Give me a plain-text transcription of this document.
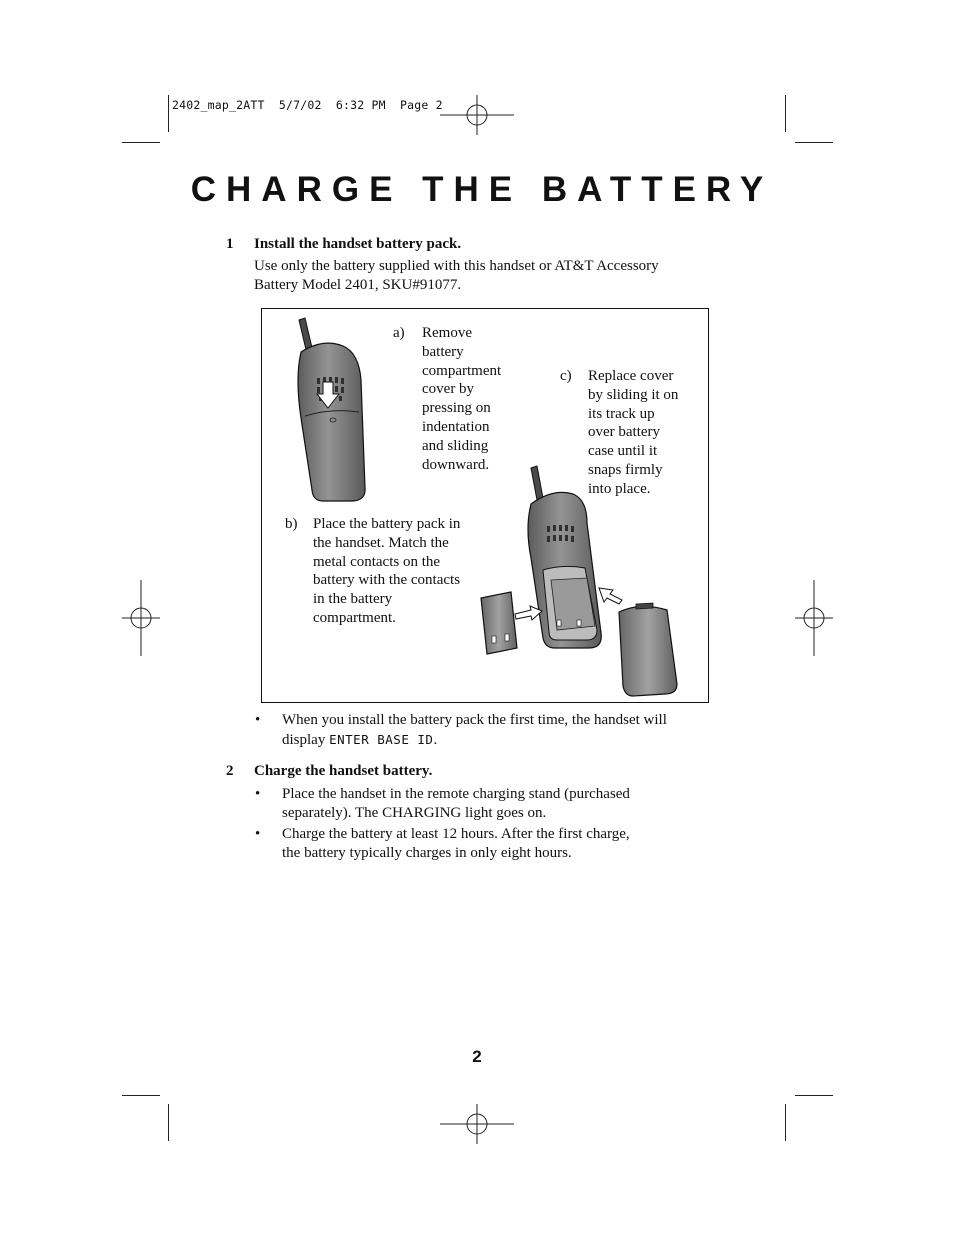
2402_map_2ATT  5/7/02  6:32 PM  Page 2
CHARGE THE BATTERY
1 Install the handset battery pack.
Use only the battery supplied with this handset or AT&T Accessory
Battery Model 2401, SKU#91077.
a) Remove
battery
compartment
cover by
pressing on
indentation
and sliding
downward.
c) Replace cover
by sliding it on
its track up
over battery
case until it
snaps firmly
into place.
b) Place the battery pack in
the handset. Match the
metal contacts on the
battery with the contacts
in the battery
compartment.
• When you install the battery pack the first time, the handset will
display ENTER BASE ID.
2 Charge the handset battery.
• Place the handset in the remote charging stand (purchased
separately). The CHARGING light goes on.
• Charge the battery at least 12 hours. After the first charge,
the battery typically charges in only eight hours.
2
